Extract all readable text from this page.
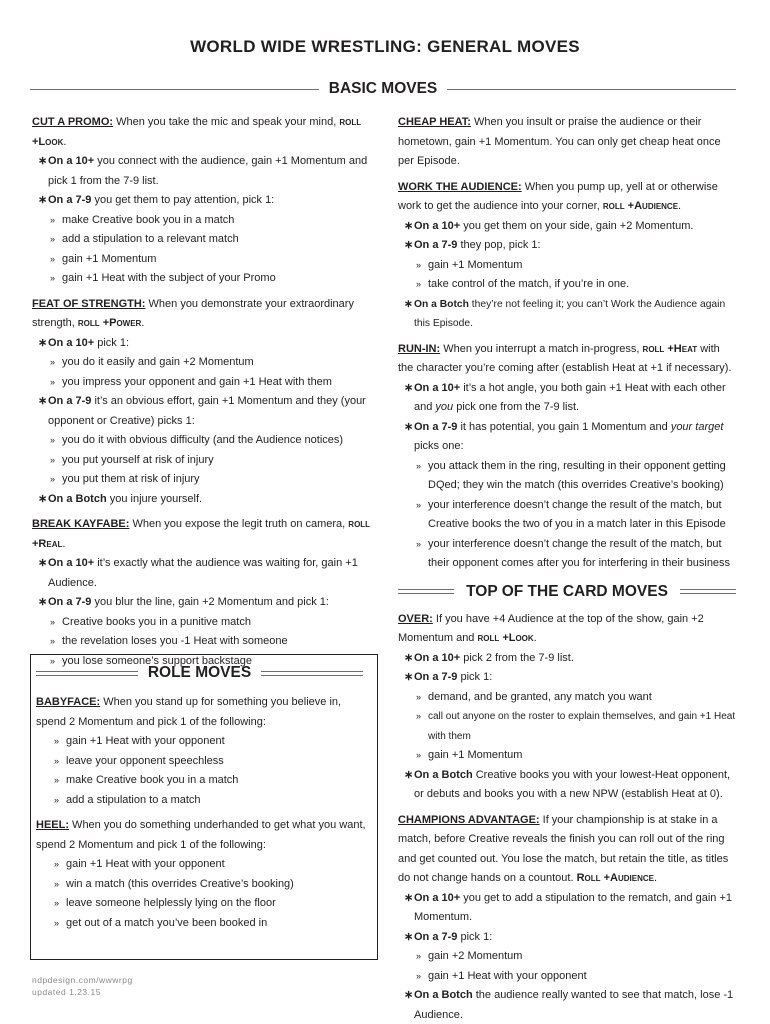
WORLD WIDE WRESTLING: GENERAL MOVES
BASIC MOVES
CUT A PROMO: When you take the mic and speak your mind, roll +Look.
∗On a 10+ you connect with the audience, gain +1 Momentum and pick 1 from the 7-9 list.
∗On a 7-9 you get them to pay attention, pick 1:
» make Creative book you in a match
» add a stipulation to a relevant match
» gain +1 Momentum
» gain +1 Heat with the subject of your Promo
FEAT OF STRENGTH: When you demonstrate your extraordinary strength, roll +Power.
∗On a 10+ pick 1:
» you do it easily and gain +2 Momentum
» you impress your opponent and gain +1 Heat with them
∗On a 7-9 it’s an obvious effort, gain +1 Momentum and they (your opponent or Creative) picks 1:
» you do it with obvious difficulty (and the Audience notices)
» you put yourself at risk of injury
» you put them at risk of injury
∗On a Botch you injure yourself.
BREAK KAYFABE: When you expose the legit truth on camera, roll +Real.
∗On a 10+ it’s exactly what the audience was waiting for, gain +1 Audience.
∗On a 7-9 you blur the line, gain +2 Momentum and pick 1:
» Creative books you in a punitive match
» the revelation loses you -1 Heat with someone
» you lose someone’s support backstage
ROLE MOVES
BABYFACE: When you stand up for something you believe in, spend 2 Momentum and pick 1 of the following:
» gain +1 Heat with your opponent
» leave your opponent speechless
» make Creative book you in a match
» add a stipulation to a match
HEEL: When you do something underhanded to get what you want, spend 2 Momentum and pick 1 of the following:
» gain +1 Heat with your opponent
» win a match (this overrides Creative’s booking)
» leave someone helplessly lying on the floor
» get out of a match you’ve been booked in
CHEAP HEAT: When you insult or praise the audience or their hometown, gain +1 Momentum. You can only get cheap heat once per Episode.
WORK THE AUDIENCE: When you pump up, yell at or otherwise work to get the audience into your corner, roll +Audience.
∗On a 10+ you get them on your side, gain +2 Momentum.
∗On a 7-9 they pop, pick 1:
» gain +1 Momentum
» take control of the match, if you’re in one.
∗On a Botch they’re not feeling it; you can’t Work the Audience again this Episode.
RUN-IN: When you interrupt a match in-progress, roll +Heat with the character you’re coming after (establish Heat at +1 if necessary).
∗On a 10+ it’s a hot angle, you both gain +1 Heat with each other and you pick one from the 7-9 list.
∗On a 7-9 it has potential, you gain 1 Momentum and your target picks one:
» you attack them in the ring, resulting in their opponent getting DQed; they win the match (this overrides Creative’s booking)
» your interference doesn’t change the result of the match, but Creative books the two of you in a match later in this Episode
» your interference doesn’t change the result of the match, but their opponent comes after you for interfering in their business
TOP OF THE CARD MOVES
OVER: If you have +4 Audience at the top of the show, gain +2 Momentum and roll +Look.
∗On a 10+ pick 2 from the 7-9 list.
∗On a 7-9 pick 1:
» demand, and be granted, any match you want
» call out anyone on the roster to explain themselves, and gain +1 Heat with them
» gain +1 Momentum
∗On a Botch Creative books you with your lowest-Heat opponent, or debuts and books you with a new NPW (establish Heat at 0).
CHAMPIONS ADVANTAGE: If your championship is at stake in a match, before Creative reveals the finish you can roll out of the ring and get counted out. You lose the match, but retain the title, as titles do not change hands on a countout. Roll +Audience.
∗On a 10+ you get to add a stipulation to the rematch, and gain +1 Momentum.
∗On a 7-9 pick 1:
» gain +2 Momentum
» gain +1 Heat with your opponent
∗On a Botch the audience really wanted to see that match, lose -1 Audience.
ndpdesign.com/wwwrpg
updated 1.23.15
